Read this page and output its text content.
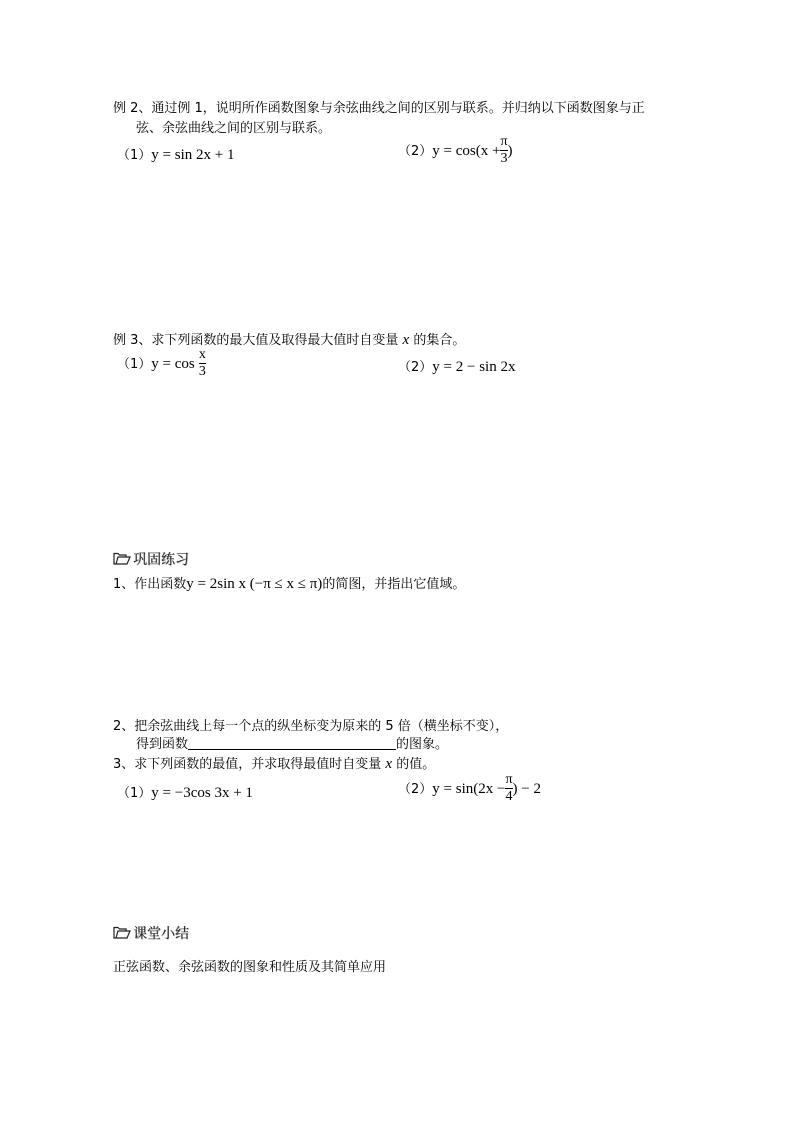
例 2、通过例 1，说明所作函数图象与余弦曲线之间的区别与联系。并归纳以下函数图象与正
弦、余弦曲线之间的区别与联系。
（1）y = sin 2x + 1	$(2)y = \cos(x + \frac{\pi}{3}$ )
例 3、求下列函数的最大值及取得最大值时自变量 x 的集合。
$(1)y = \cos \frac{x}{3}$	（2）y = 2 − sin 2x
巩固练习
1、作出函数y = 2sin x (−π ≤ x ≤ π)的简图，并指出它值域。
2、把余弦曲线上每一个点的纵坐标变为原来的 5 倍（横坐标不变），
得到函数	的图象。
3、求下列函数的最值，并求取得最值时自变量 x 的值。
（1）y = −3cos 3x + 1	$(2)y = \sin(2x - \frac{\pi}{4}$ ) − 2
课堂小结
正弦函数、余弦函数的图象和性质及其简单应用
